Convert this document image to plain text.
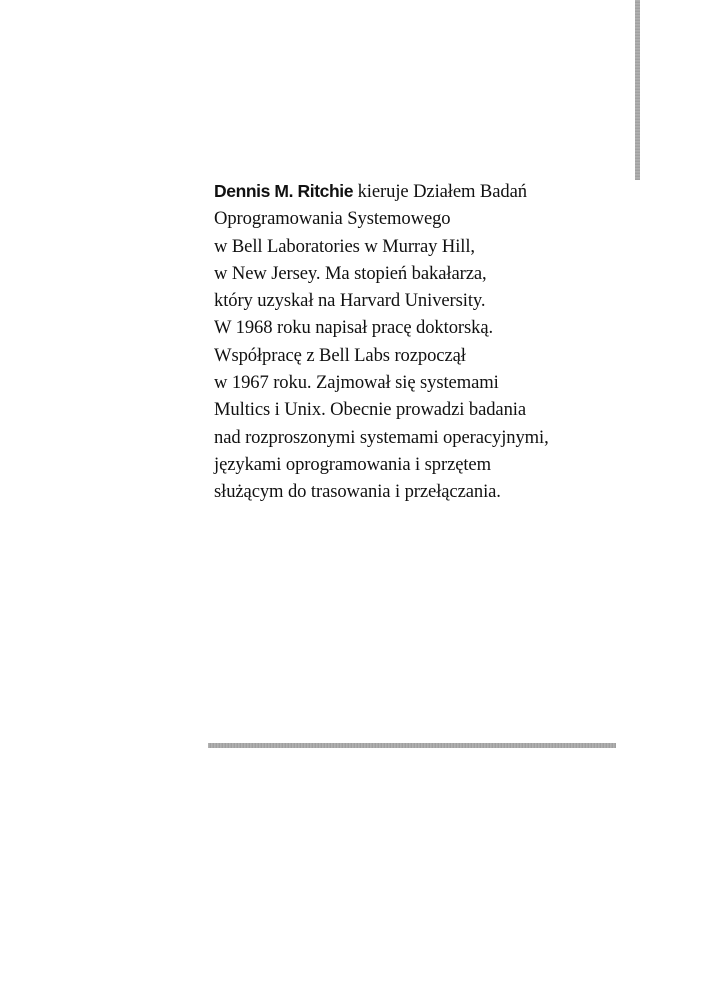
Dennis M. Ritchie kieruje Działem Badań
Oprogramowania Systemowego
w Bell Laboratories w Murray Hill,
w New Jersey. Ma stopień bakałarza,
który uzyskał na Harvard University.
W 1968 roku napisał pracę doktorską.
Współpracę z Bell Labs rozpoczął
w 1967 roku. Zajmował się systemami
Multics i Unix. Obecnie prowadzi badania
nad rozproszonymi systemami operacyjnymi,
językami oprogramowania i sprzętem
służącym do trasowania i przełączania.
